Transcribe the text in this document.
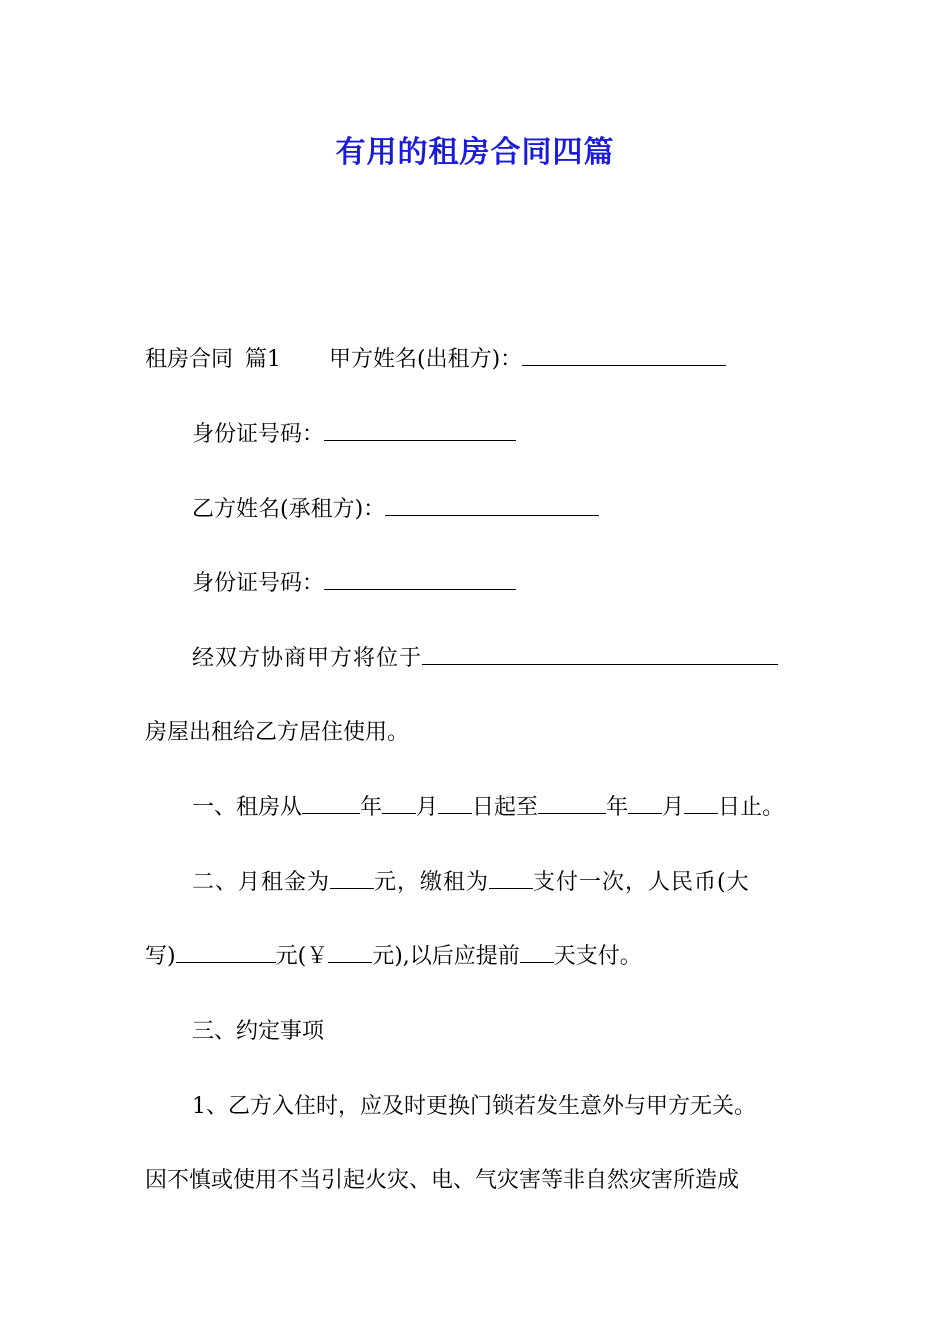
有用的租房合同四篇
租房合同 篇1 甲方姓名(出租方)：
身份证号码：
乙方姓名(承租方)：
身份证号码：
经双方协商甲方将位于
房屋出租给乙方居住使用。
一、租房从	年 月 日起至	年 月 日止。
二、月租金为 元，缴租为 支付一次，人民币(大
写)	元(￥ 元),以后应提前 天支付。
三、约定事项
1、乙方入住时，应及时更换门锁若发生意外与甲方无关。
因不慎或使用不当引起火灾、电、气灾害等非自然灾害所造成
